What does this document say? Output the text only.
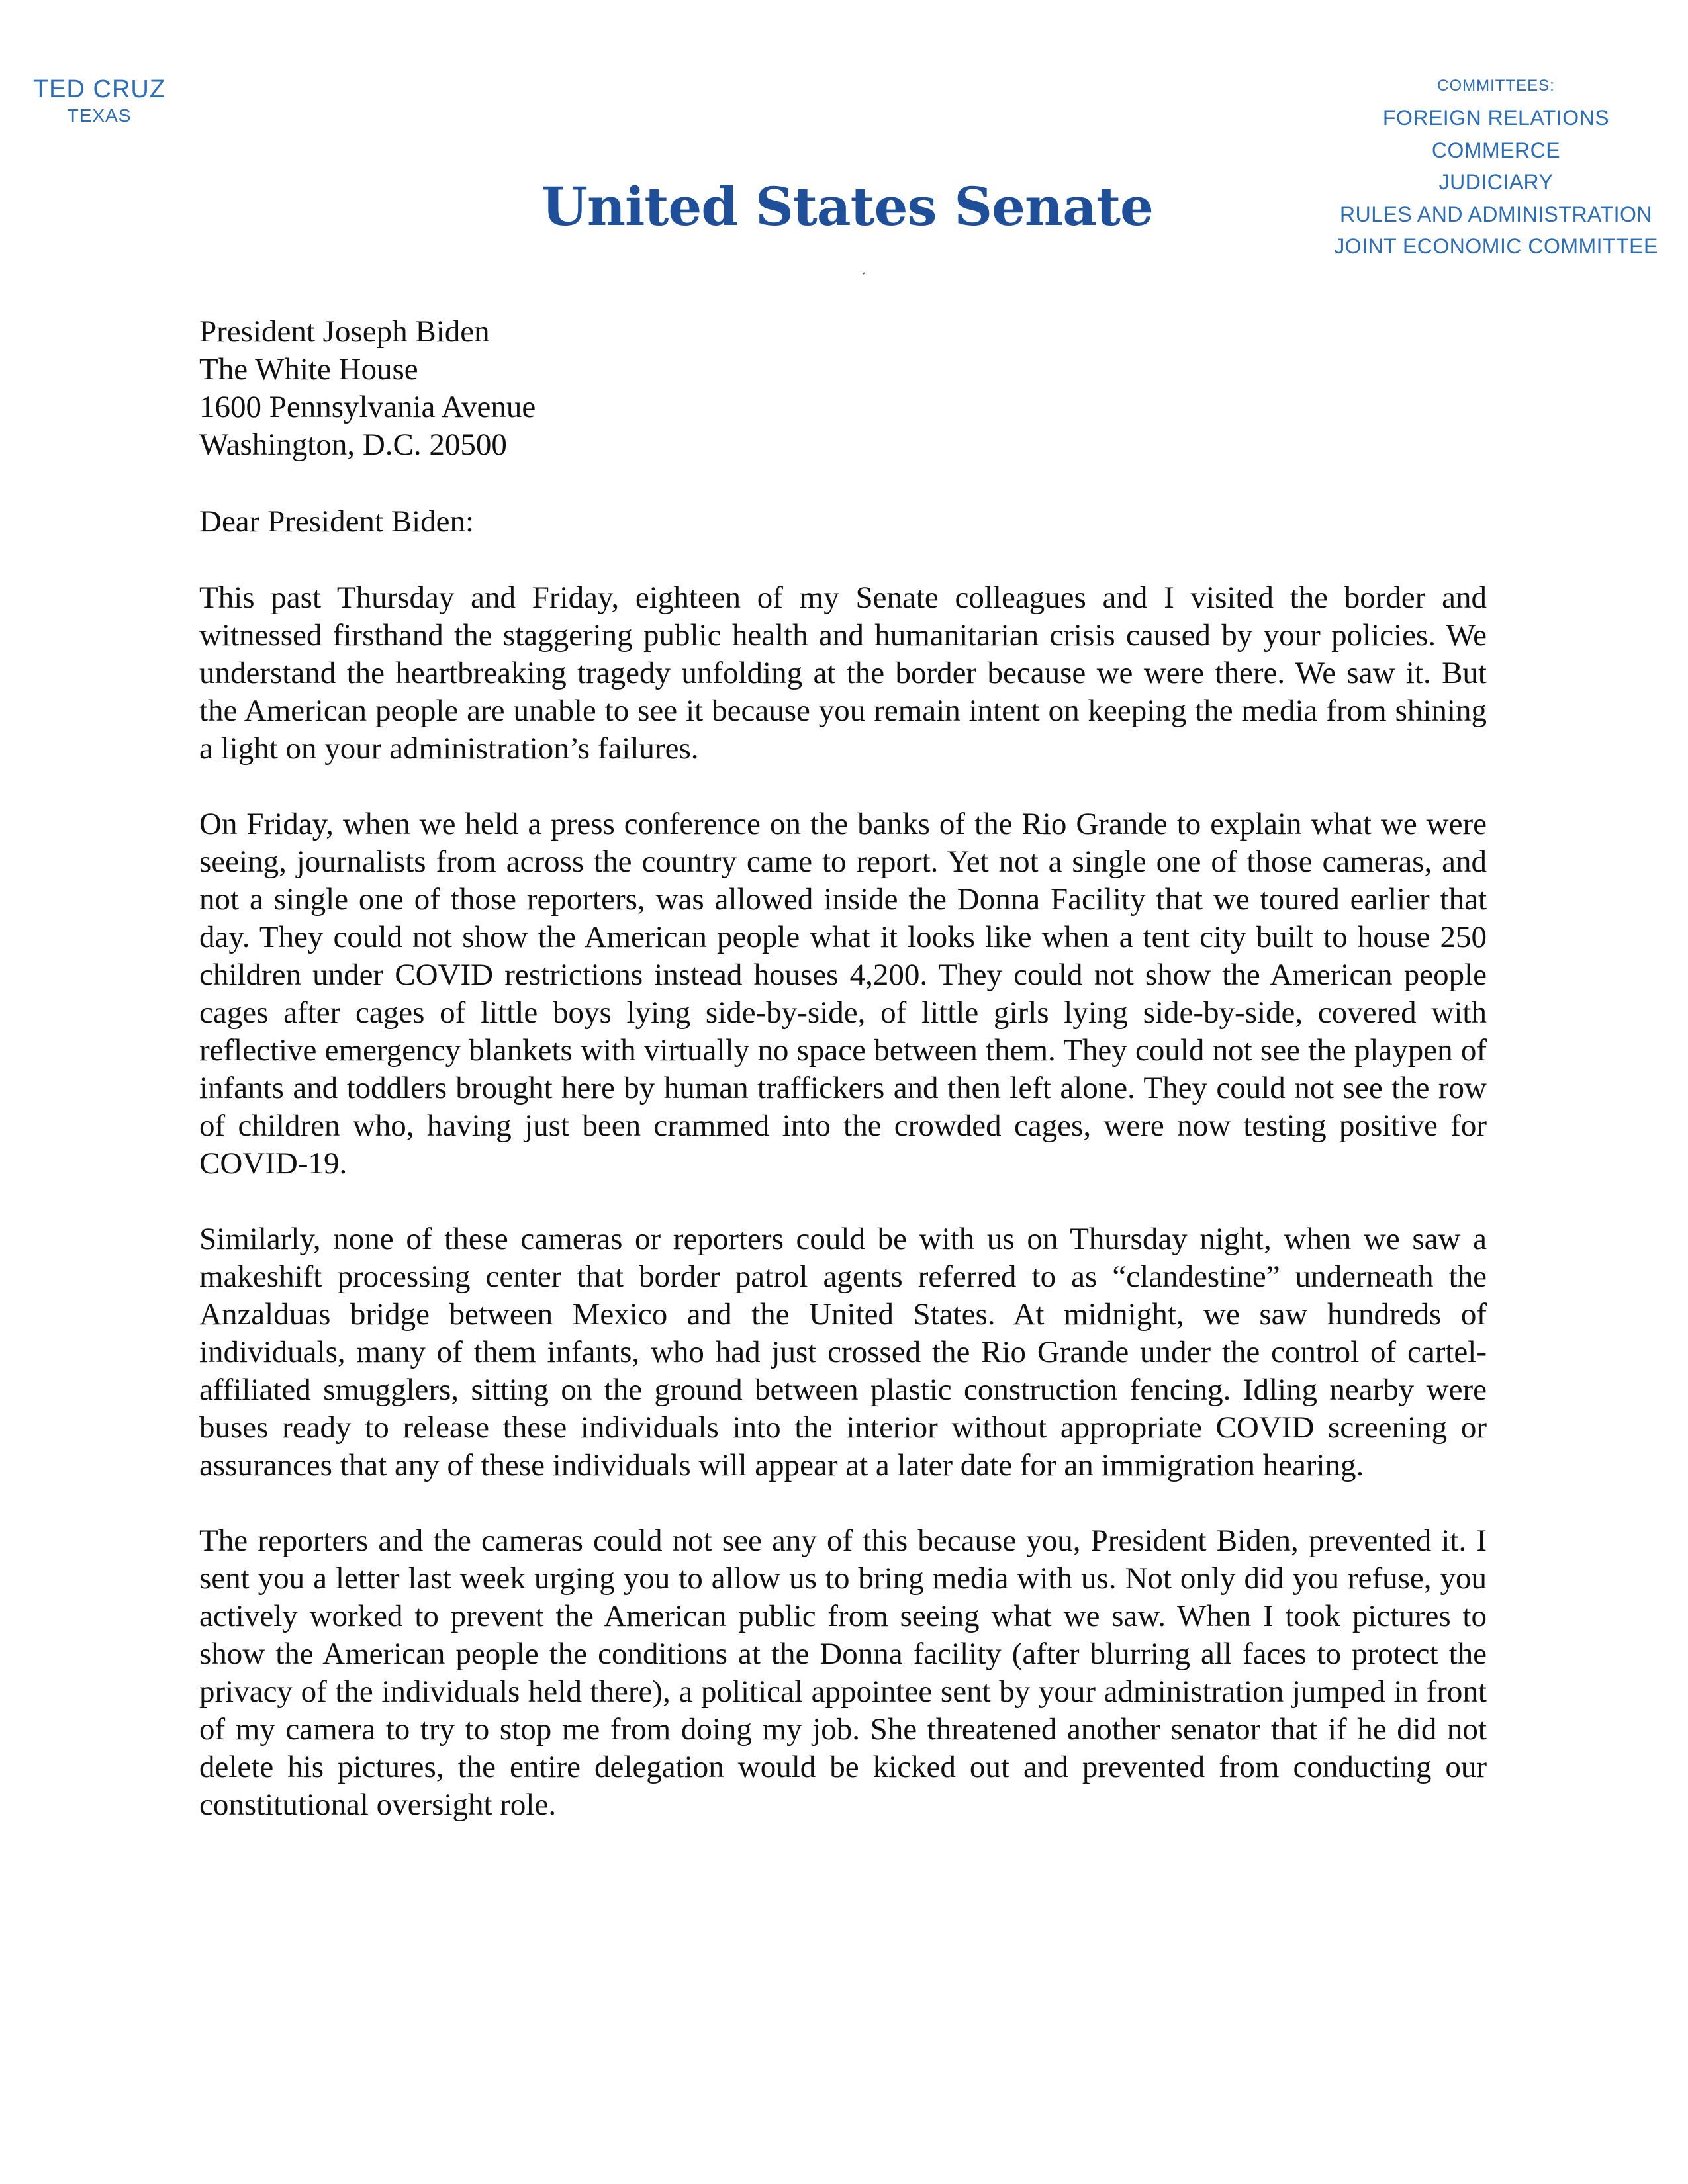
TED CRUZ
TEXAS
United States Senate
COMMITTEES:
FOREIGN RELATIONS
COMMERCE
JUDICIARY
RULES AND ADMINISTRATION
JOINT ECONOMIC COMMITTEE
President Joseph Biden
The White House
1600 Pennsylvania Avenue
Washington, D.C. 20500
Dear President Biden:

This past Thursday and Friday, eighteen of my Senate colleagues and I visited the border and witnessed firsthand the staggering public health and humanitarian crisis caused by your policies. We understand the heartbreaking tragedy unfolding at the border because we were there. We saw it. But the American people are unable to see it because you remain intent on keeping the media from shining a light on your administration’s failures.

On Friday, when we held a press conference on the banks of the Rio Grande to explain what we were seeing, journalists from across the country came to report. Yet not a single one of those cameras, and not a single one of those reporters, was allowed inside the Donna Facility that we toured earlier that day. They could not show the American people what it looks like when a tent city built to house 250 children under COVID restrictions instead houses 4,200. They could not show the American people cages after cages of little boys lying side-by-side, of little girls lying side-by-side, covered with reflective emergency blankets with virtually no space between them. They could not see the playpen of infants and toddlers brought here by human traffickers and then left alone. They could not see the row of children who, having just been crammed into the crowded cages, were now testing positive for COVID-19.

Similarly, none of these cameras or reporters could be with us on Thursday night, when we saw a makeshift processing center that border patrol agents referred to as “clandestine” underneath the Anzalduas bridge between Mexico and the United States. At midnight, we saw hundreds of individuals, many of them infants, who had just crossed the Rio Grande under the control of cartel-affiliated smugglers, sitting on the ground between plastic construction fencing. Idling nearby were buses ready to release these individuals into the interior without appropriate COVID screening or assurances that any of these individuals will appear at a later date for an immigration hearing.

The reporters and the cameras could not see any of this because you, President Biden, prevented it. I sent you a letter last week urging you to allow us to bring media with us. Not only did you refuse, you actively worked to prevent the American public from seeing what we saw. When I took pictures to show the American people the conditions at the Donna facility (after blurring all faces to protect the privacy of the individuals held there), a political appointee sent by your administration jumped in front of my camera to try to stop me from doing my job. She threatened another senator that if he did not delete his pictures, the entire delegation would be kicked out and prevented from conducting our constitutional oversight role.
